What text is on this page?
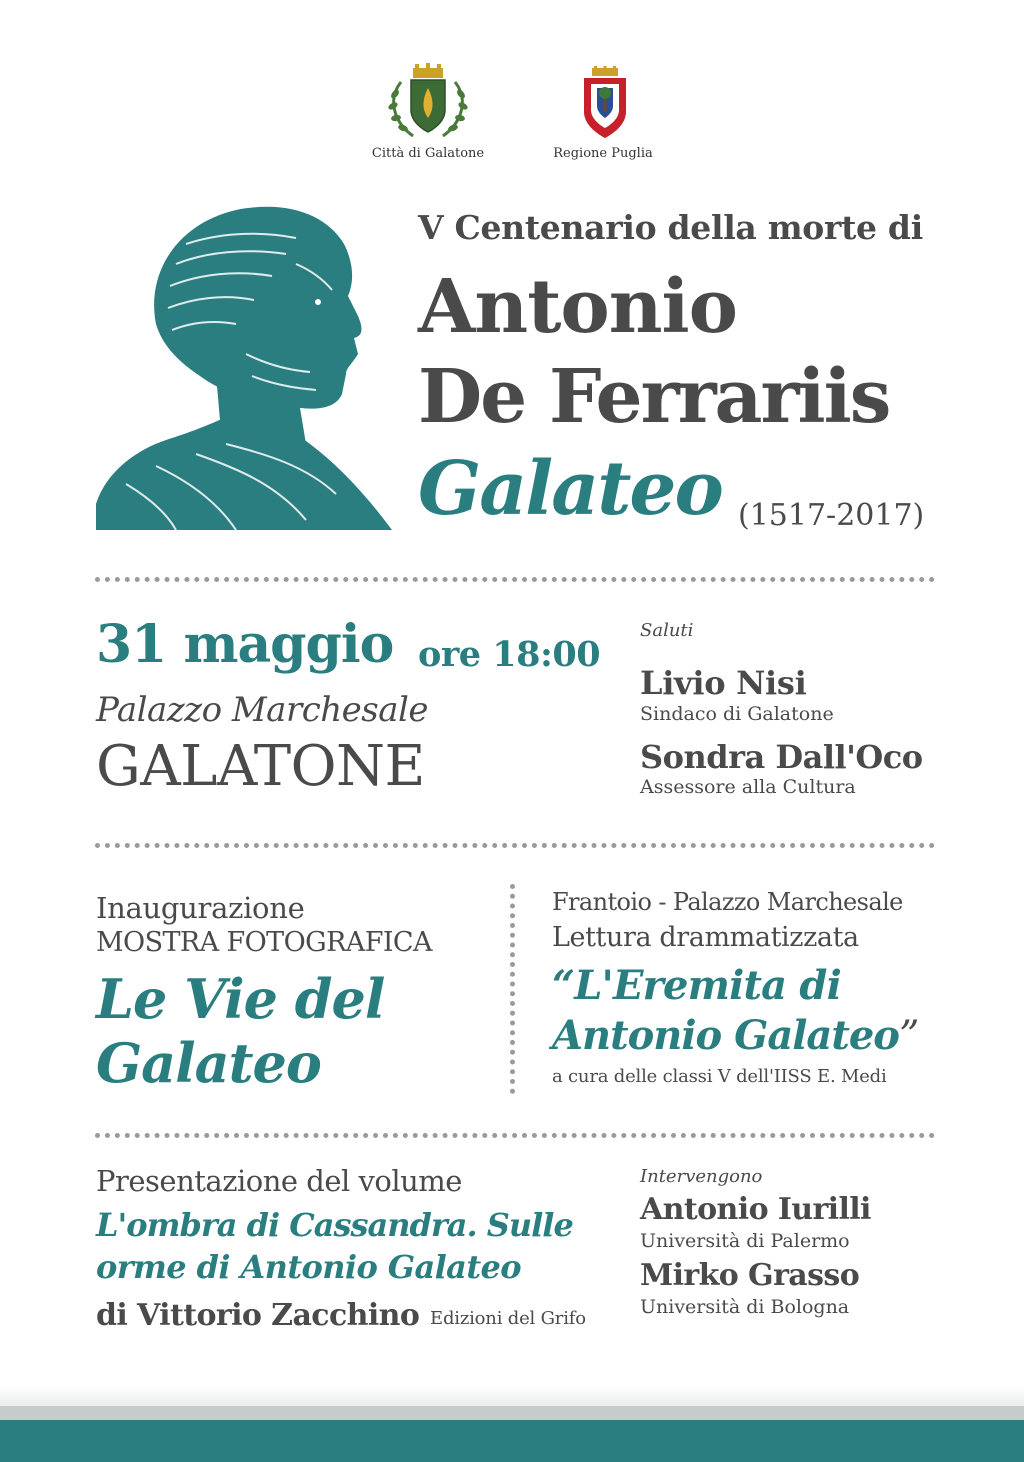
Città di Galatone	Regione Puglia
V Centenario della morte di
Antonio
De Ferrariis
Galateo (1517-2017)
31 maggio ore 18:00
Palazzo Marchesale
GALATONE
Saluti
Livio Nisi
Sindaco di Galatone
Sondra Dall'Oco
Assessore alla Cultura
Inaugurazione
MOSTRA FOTOGRAFICA
Le Vie del
Galateo
Frantoio - Palazzo Marchesale
Lettura drammatizzata
“L'Eremita di
Antonio Galateo”
a cura delle classi V dell'IISS E. Medi
Presentazione del volume
L'ombra di Cassandra. Sulle
orme di Antonio Galateo
di Vittorio Zacchino Edizioni del Grifo
Intervengono
Antonio Iurilli
Università di Palermo
Mirko Grasso
Università di Bologna
